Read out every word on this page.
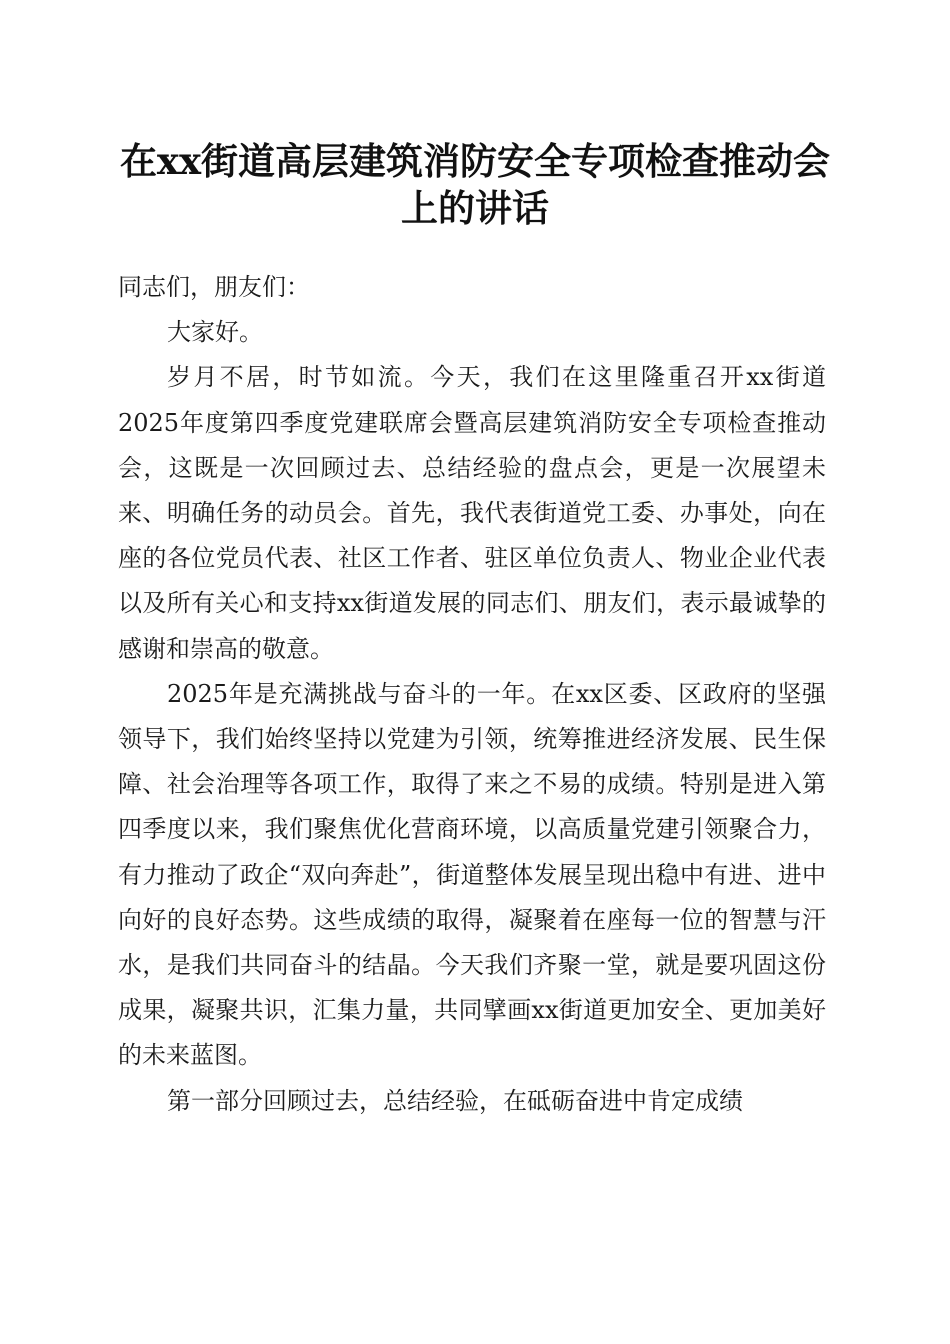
在xx街道高层建筑消防安全专项检查推动会
上的讲话

同志们，朋友们：

大家好。

岁月不居，时节如流。今天，我们在这里隆重召开xx街道2025年度第四季度党建联席会暨高层建筑消防安全专项检查推动会，这既是一次回顾过去、总结经验的盘点会，更是一次展望未来、明确任务的动员会。首先，我代表街道党工委、办事处，向在座的各位党员代表、社区工作者、驻区单位负责人、物业企业代表以及所有关心和支持xx街道发展的同志们、朋友们，表示最诚挚的感谢和崇高的敬意。

2025年是充满挑战与奋斗的一年。在xx区委、区政府的坚强领导下，我们始终坚持以党建为引领，统筹推进经济发展、民生保障、社会治理等各项工作，取得了来之不易的成绩。特别是进入第四季度以来，我们聚焦优化营商环境，以高质量党建引领聚合力，有力推动了政企“双向奔赴”，街道整体发展呈现出稳中有进、进中向好的良好态势。这些成绩的取得，凝聚着在座每一位的智慧与汗水，是我们共同奋斗的结晶。今天我们齐聚一堂，就是要巩固这份成果，凝聚共识，汇集力量，共同擘画xx街道更加安全、更加美好的未来蓝图。

第一部分回顾过去，总结经验，在砥砺奋进中肯定成绩
